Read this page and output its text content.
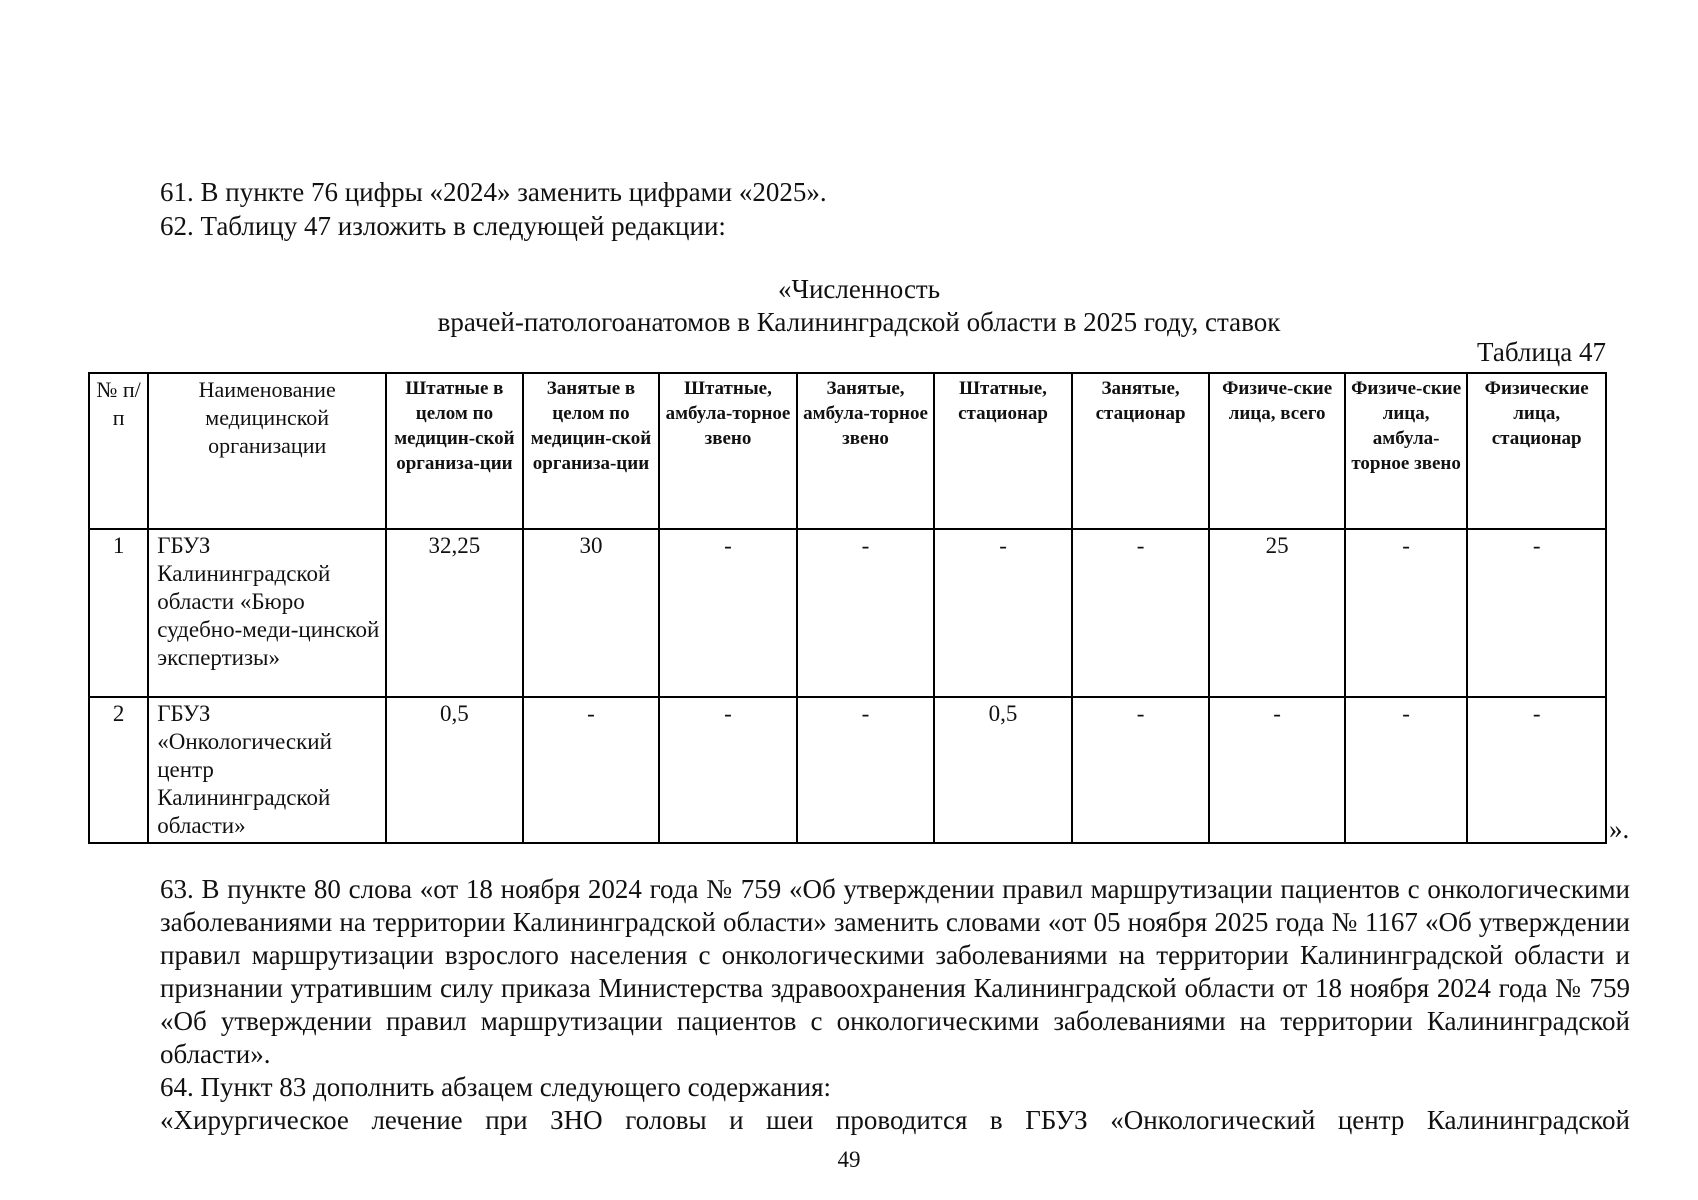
61. В пункте 76 цифры «2024» заменить цифрами «2025».
62. Таблицу 47 изложить в следующей редакции:
«Численность
врачей-патологоанатомов в Калининградской области в 2025 году, ставок
Таблица 47
№ п/п	Наименование медицинской организации	Штатные в целом по медицин-ской организа-ции	Занятые в целом по медицин-ской организа-ции	Штатные, амбула-торное звено	Занятые, амбула-торное звено	Штатные, стационар	Занятые, стационар	Физиче-ские лица, всего	Физиче-ские лица, амбула-торное звено	Физические лица, стационар
1	ГБУЗ Калининградской области «Бюро судебно-меди-цинской экспертизы»	32,25	30	-	-	-	-	25	-	-
2	ГБУЗ «Онкологический центр Калининградской области»	0,5	-	-	-	0,5	-	-	-	-
».
63. В пункте 80 слова «от 18 ноября 2024 года № 759 «Об утверждении правил маршрутизации пациентов с онкологическими заболеваниями на территории Калининградской области» заменить словами «от 05 ноября 2025 года № 1167 «Об утверждении правил маршрутизации взрослого населения с онкологическими заболеваниями на территории Калининградской области и признании утратившим силу приказа Министерства здравоохранения Калининградской области от 18 ноября 2024 года № 759 «Об утверждении правил маршрутизации пациентов с онкологическими заболеваниями на территории Калининградской области».
64. Пункт 83 дополнить абзацем следующего содержания:
«Хирургическое лечение при ЗНО головы и шеи проводится в ГБУЗ «Онкологический центр Калининградской
49
